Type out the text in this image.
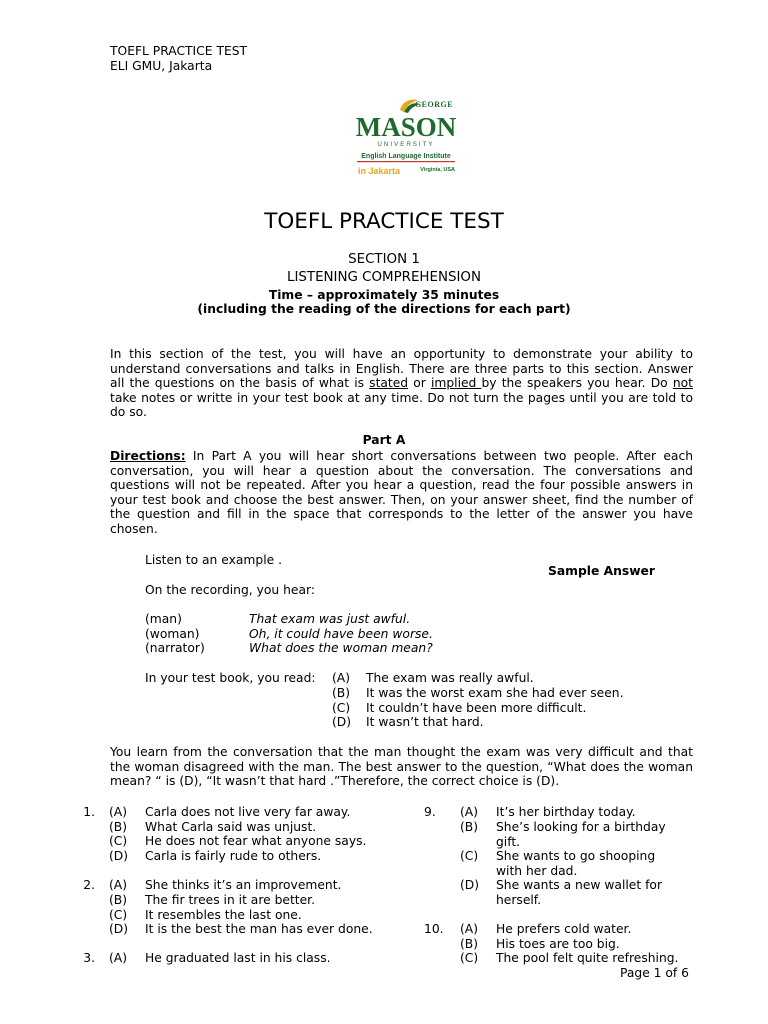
TOEFL PRACTICE TEST
ELI GMU, Jakarta
GEORGE
MASON
UNIVERSITY
English Language Institute
in Jakarta	Virginia, USA
TOEFL PRACTICE TEST
SECTION 1
LISTENING COMPREHENSION
Time – approximately 35 minutes
(including the reading of the directions for each part)
In this section of the test, you will have an opportunity to demonstrate your ability to understand conversations and talks in English. There are three parts to this section. Answer all the questions on the basis of what is stated or implied by the speakers you hear. Do not take notes or writte in your test book at any time. Do not turn the pages until you are told to do so.
Part A
Directions: In Part A you will hear short conversations between two people. After each conversation, you will hear a question about the conversation. The conversations and questions will not be repeated. After you hear a question, read the four possible answers in your test book and choose the best answer. Then, on your answer sheet, find the number of the question and fill in the space that corresponds to the letter of the answer you have chosen.
Listen to an example .
Sample Answer
On the recording, you hear:
(man)	That exam was just awful.
(woman)	Oh, it could have been worse.
(narrator)	What does the woman mean?
In your test book, you read: (A) The exam was really awful.
(B) It was the worst exam she had ever seen.
(C) It couldn’t have been more difficult.
(D) It wasn’t that hard.
You learn from the conversation that the man thought the exam was very difficult and that the woman disagreed with the man. The best answer to the question, “What does the woman mean? “ is (D), “It wasn’t that hard .”Therefore, the correct choice is (D).
1. (A) Carla does not live very far away.
(B) What Carla said was unjust.
(C) He does not fear what anyone says.
(D) Carla is fairly rude to others.
2. (A) She thinks it’s an improvement.
(B) The fir trees in it are better.
(C) It resembles the last one.
(D) It is the best the man has ever done.
3. (A) He graduated last in his class.
9. (A) It’s her birthday today.
(B) She’s looking for a birthday gift.
(C) She wants to go shooping with her dad.
(D) She wants a new wallet for herself.
10. (A) He prefers cold water.
(B) His toes are too big.
(C) The pool felt quite refreshing.
Page 1 of 6
